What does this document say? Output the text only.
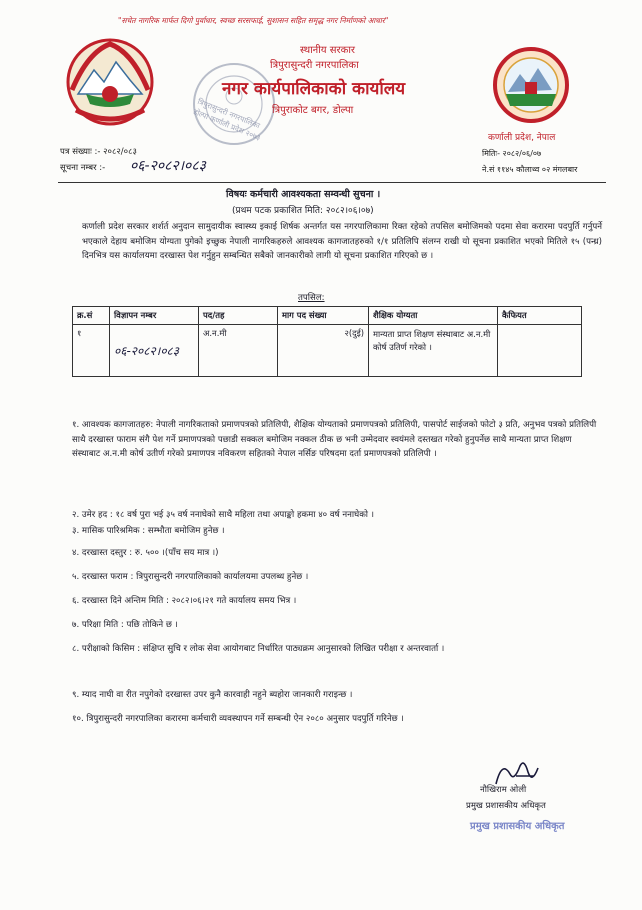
"सचेत नागरिक मार्फत दिगो पुर्वाधार, स्वच्छ सरसफाई, सुशासन सहित समृद्ध नगर निर्माणको आधार"
त्रिपुरासुन्दरी नगरपालिका डोल्पा कर्णाली प्रदेश २०७३
स्थानीय सरकार
त्रिपुरासुन्दरी नगरपालिका
नगर कार्यपालिकाको कार्यालय
त्रिपुराकोट बगर, डोल्पा
कर्णाली प्रदेश, नेपाल
पत्र संख्याः :- २०८२/०८३
सूचना नम्बर :- ०६-२०८२।०८३
मितिः- २०८२/०६/०७
ने.सं ११४५ कौलाथ्व ०२ मंगलबार
विषयः कर्मचारी आवश्यकता सम्वन्धी सुचना ।
(प्रथम पटक प्रकाशित मिति: २०८२।०६।०७)
कर्णाली प्रदेश सरकार शर्शर्त अनुदान सामुदायीक स्वास्थ्य इकाई शिर्षक अन्तर्गत यस नगरपालिकामा रिक्त रहेको तपसिल बमोजिमको पदमा सेवा करारमा पदपुर्ति गर्नुपर्ने भएकाले देहाय बमोजिम योग्यता पुगेको इच्छुक नेपाली नागरिकहरुले आवश्यक कागजातहरुको १/१ प्रतिलिपि संलग्न राखी यो सूचना प्रकाशित भएको मितिले १५ (पन्ध्र) दिनभित्र यस कार्यालयमा दरखास्त पेश गर्नुहुन सम्बन्धित सबैको जानकारीको लागी यो सूचना प्रकाशित गरिएको छ ।
तपसिल:
क्र.सं	विज्ञापन नम्बर	पद/तह	माग पद संख्या	शैक्षिक योग्यता	कैफियत
१	०६-२०८२।०८३	अ.न.मी	२(दुई)	मान्यता प्राप्त शिक्षण संस्थाबाट अ.न.मी कोर्ष उतिर्ण गरेको ।	
१. आवश्यक कागजातहरु: नेपाली नागरिकताको प्रमाणपत्रको प्रतिलिपी, शैक्षिक योग्यताको प्रमाणपत्रको प्रतिलिपी, पासपोर्ट साईजको फोटो ३ प्रति, अनुभव पत्रको प्रतिलिपी साथै दरखास्त फाराम संगै पेश गर्ने प्रमाणपत्रको पछाडी सक्कल बमोजिम नक्कल ठीक छ भनी उम्मेदवार स्वयंमले दस्तखत गरेको हुनुपर्नेछ साथै मान्यता प्राप्त शिक्षण संस्थाबाट अ.न.मी कोर्ष उतीर्ण गरेको प्रमाणपत्र नविकरण सहितको नेपाल नर्सिङ परिषदमा दर्ता प्रमाणपत्रको प्रतिलिपी ।
२. उमेर हद : १८ वर्ष पुरा भई ३५ वर्ष ननाघेको साथै महिला तथा अपाङ्को हकमा ४० वर्ष ननाघेको ।
३. मासिक पारिश्रमिक : सम्भौता बमोजिम हुनेछ ।
४. दरखास्त दस्तुर : रु. ५०० ।(पाँच सय मात्र ।)
५. दरखास्त फराम : त्रिपुरासुन्दरी नगरपालिकाको कार्यालयमा उपलब्ध हुनेछ ।
६. दरखास्त दिने अन्तिम मिति : २०८२।०६।२१ गते कार्यालय समय भित्र ।
७. परिक्षा मिति : पछि तोकिने छ ।
८. परीक्षाको किसिम : संक्षिप्त सुचि र लोक सेवा आयोगबाट निर्धारित पाठ्यक्रम आनुसारको लिखित परीक्षा र अन्तरवार्ता ।
९. म्याद नाघी वा रीत नपुगेको दरखास्त उपर कुनै कारवाही नहुने ब्यहोरा जानकारी गराइन्छ ।
१०. त्रिपुरासुन्दरी नगरपालिका करारमा कर्मचारी व्यवस्थापन गर्ने सम्बन्धी ऐन २०८० अनुसार पदपुर्ति गरिनेछ ।
नौखिराम ओली
प्रमुख प्रशासकीय अधिकृत
प्रमुख प्रशासकीय अधिकृत
